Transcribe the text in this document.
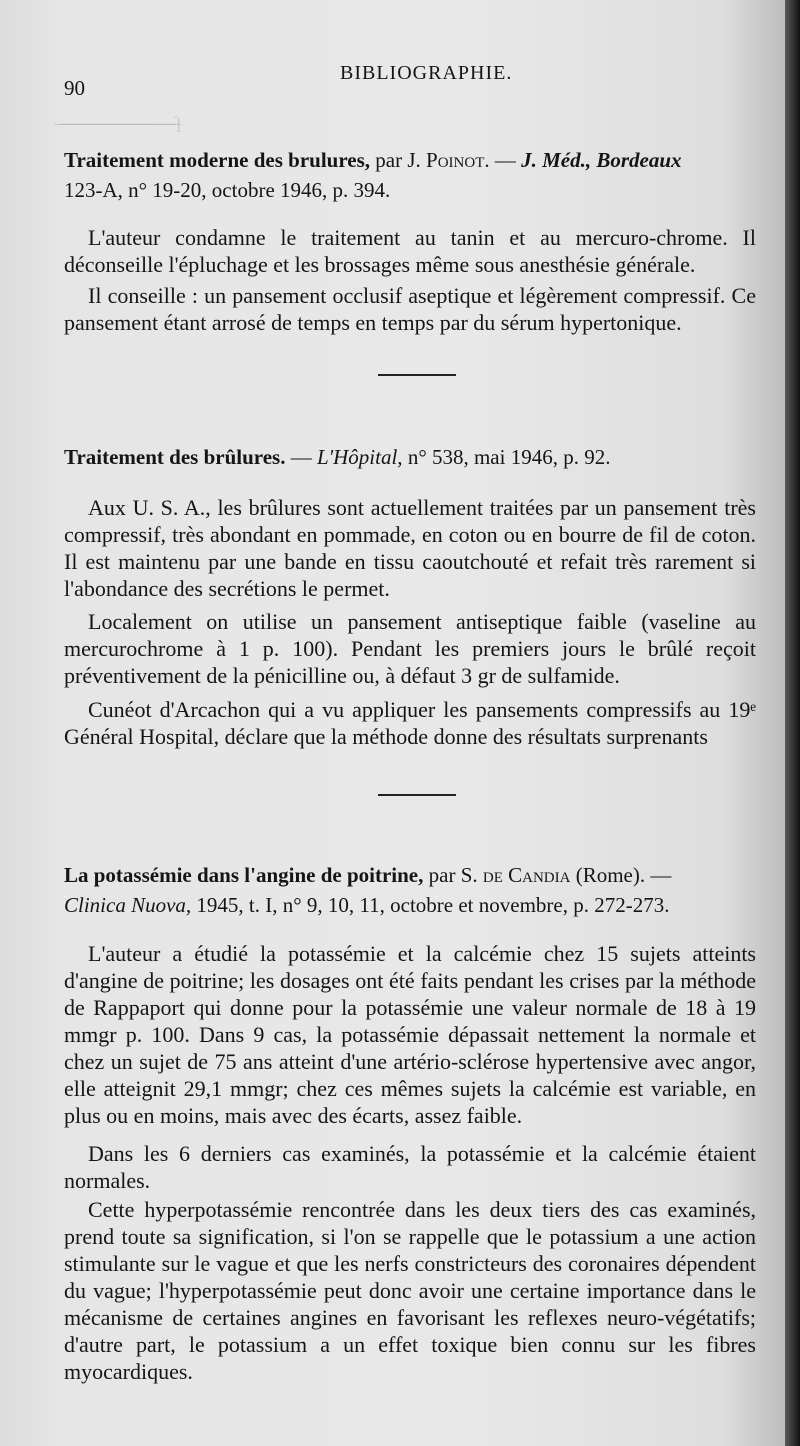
ſ̶ ̶ ̶ ̶ ̶ ̶ ̶ ̶ ̶ ̶ ̶ ̶ ̶ ̶ ̶ ̶ ̶ ̶ ̶ ̶ ̶ ̶
90
BIBLIOGRAPHIE.
Traitement moderne des brulures, par J. Poinot. — J. Méd., Bordeaux
123-A, n° 19-20, octobre 1946, p. 394.

L'auteur condamne le traitement au tanin et au mercuro-chrome. Il déconseille l'épluchage et les brossages même sous anesthésie générale.

Il conseille : un pansement occlusif aseptique et légèrement compressif. Ce pansement étant arrosé de temps en temps par du sérum hypertonique.

Traitement des brûlures. — L'Hôpital, n° 538, mai 1946, p. 92.

Aux U. S. A., les brûlures sont actuellement traitées par un pansement très compressif, très abondant en pommade, en coton ou en bourre de fil de coton. Il est maintenu par une bande en tissu caoutchouté et refait très rarement si l'abondance des secrétions le permet.

Localement on utilise un pansement antiseptique faible (vaseline au mercurochrome à 1 p. 100). Pendant les premiers jours le brûlé reçoit préventivement de la pénicilline ou, à défaut 3 gr de sulfamide.

Cunéot d'Arcachon qui a vu appliquer les pansements compressifs au 19ᵉ Général Hospital, déclare que la méthode donne des résultats surprenants

La potassémie dans l'angine de poitrine, par S. de Candia (Rome). —
Clinica Nuova, 1945, t. I, n° 9, 10, 11, octobre et novembre, p. 272-273.

L'auteur a étudié la potassémie et la calcémie chez 15 sujets atteints d'angine de poitrine; les dosages ont été faits pendant les crises par la méthode de Rappaport qui donne pour la potassémie une valeur normale de 18 à 19 mmgr p. 100. Dans 9 cas, la potassémie dépassait nettement la normale et chez un sujet de 75 ans atteint d'une artério-sclérose hypertensive avec angor, elle atteignit 29,1 mmgr; chez ces mêmes sujets la calcémie est variable, en plus ou en moins, mais avec des écarts, assez faible.

Dans les 6 derniers cas examinés, la potassémie et la calcémie étaient normales.

Cette hyperpotassémie rencontrée dans les deux tiers des cas examinés, prend toute sa signification, si l'on se rappelle que le potassium a une action stimulante sur le vague et que les nerfs constricteurs des coronaires dépendent du vague; l'hyperpotassémie peut donc avoir une certaine importance dans le mécanisme de certaines angines en favorisant les reflexes neuro-végétatifs; d'autre part, le potassium a un effet toxique bien connu sur les fibres myocardiques.
